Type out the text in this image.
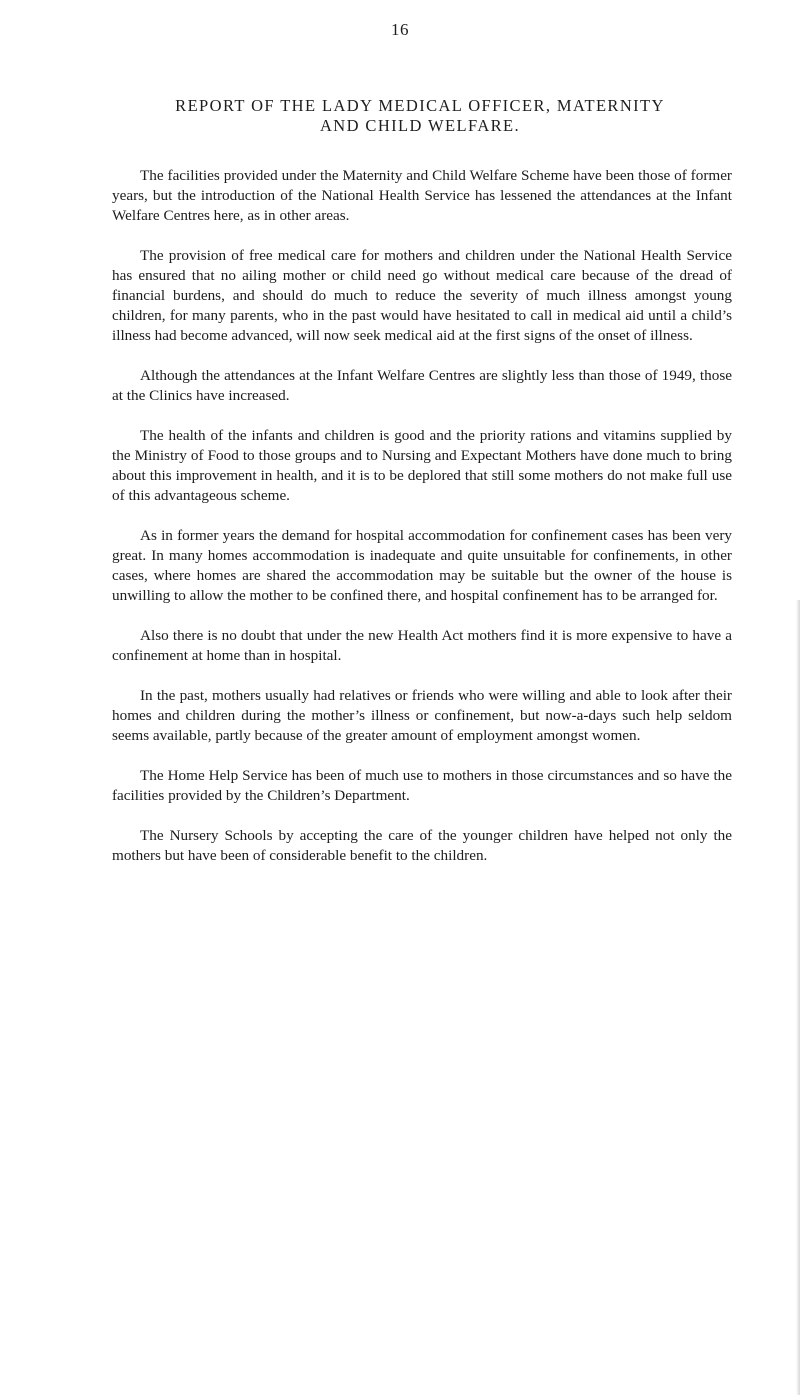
16
REPORT OF THE LADY MEDICAL OFFICER, MATERNITY
AND CHILD WELFARE.

The facilities provided under the Maternity and Child Welfare Scheme have been those of former years, but the introduction of the National Health Service has lessened the attendances at the Infant Welfare Centres here, as in other areas.

The provision of free medical care for mothers and children under the National Health Service has ensured that no ailing mother or child need go without medical care because of the dread of financial burdens, and should do much to reduce the severity of much illness amongst young children, for many parents, who in the past would have hesitated to call in medical aid until a child’s illness had become advanced, will now seek medical aid at the first signs of the onset of illness.

Although the attendances at the Infant Welfare Centres are slightly less than those of 1949, those at the Clinics have increased.

The health of the infants and children is good and the priority rations and vitamins supplied by the Ministry of Food to those groups and to Nursing and Expectant Mothers have done much to bring about this improvement in health, and it is to be deplored that still some mothers do not make full use of this advantageous scheme.

As in former years the demand for hospital accommodation for confinement cases has been very great. In many homes accommodation is inadequate and quite unsuitable for confinements, in other cases, where homes are shared the accommodation may be suitable but the owner of the house is unwilling to allow the mother to be confined there, and hospital confinement has to be arranged for.

Also there is no doubt that under the new Health Act mothers find it is more expensive to have a confinement at home than in hospital.

In the past, mothers usually had relatives or friends who were willing and able to look after their homes and children during the mother’s illness or confinement, but now-a-days such help seldom seems available, partly because of the greater amount of employment amongst women.

The Home Help Service has been of much use to mothers in those circumstances and so have the facilities provided by the Children’s Department.

The Nursery Schools by accepting the care of the younger children have helped not only the mothers but have been of considerable benefit to the children.
